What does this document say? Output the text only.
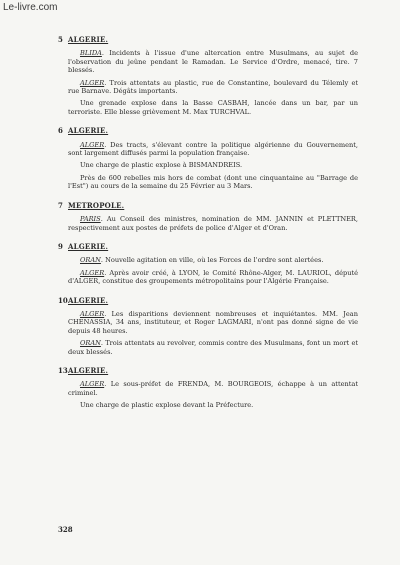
Le-livre.com
5 ALGERIE.
BLIDA. Incidents à l'issue d'une altercation entre Musulmans, au sujet de l'observation du jeûne pendant le Ramadan. Le Service d'Ordre, menacé, tire. 7 blessés.
ALGER. Trois attentats au plastic, rue de Constantine, boulevard du Télemly et rue Barnave. Dégâts importants.
Une grenade explose dans la Basse CASBAH, lancée dans un bar, par un terroriste. Elle blesse grièvement M. Max TURCHVAL.
6 ALGERIE.
ALGER. Des tracts, s'élevant contre la politique algérienne du Gouvernement, sont largement diffusés parmi la population française.
Une charge de plastic explose à BISMANDREIS.
Près de 600 rebelles mis hors de combat (dont une cinquantaine au "Barrage de l'Est") au cours de la semaine du 25 Février au 3 Mars.
7 METROPOLE.
PARIS. Au Conseil des ministres, nomination de MM. JANNIN et PLETTNER, respectivement aux postes de préfets de police d'Alger et d'Oran.
9 ALGERIE.
ORAN. Nouvelle agitation en ville, où les Forces de l'ordre sont alertées.
ALGER. Après avoir créé, à LYON, le Comité Rhône-Alger, M. LAURIOL, député d'ALGER, constitue des groupements métropolitains pour l'Algérie Française.
10 ALGERIE.
ALGER. Les disparitions deviennent nombreuses et inquiétantes. MM. Jean CHENASSIA, 34 ans, instituteur, et Roger LAGMARI, n'ont pas donné signe de vie depuis 48 heures.
ORAN. Trois attentats au revolver, commis contre des Musulmans, font un mort et deux blessés.
13 ALGERIE.
ALGER. Le sous-préfet de FRENDA, M. BOURGEOIS, échappe à un attentat criminel.
Une charge de plastic explose devant la Préfecture.
328
